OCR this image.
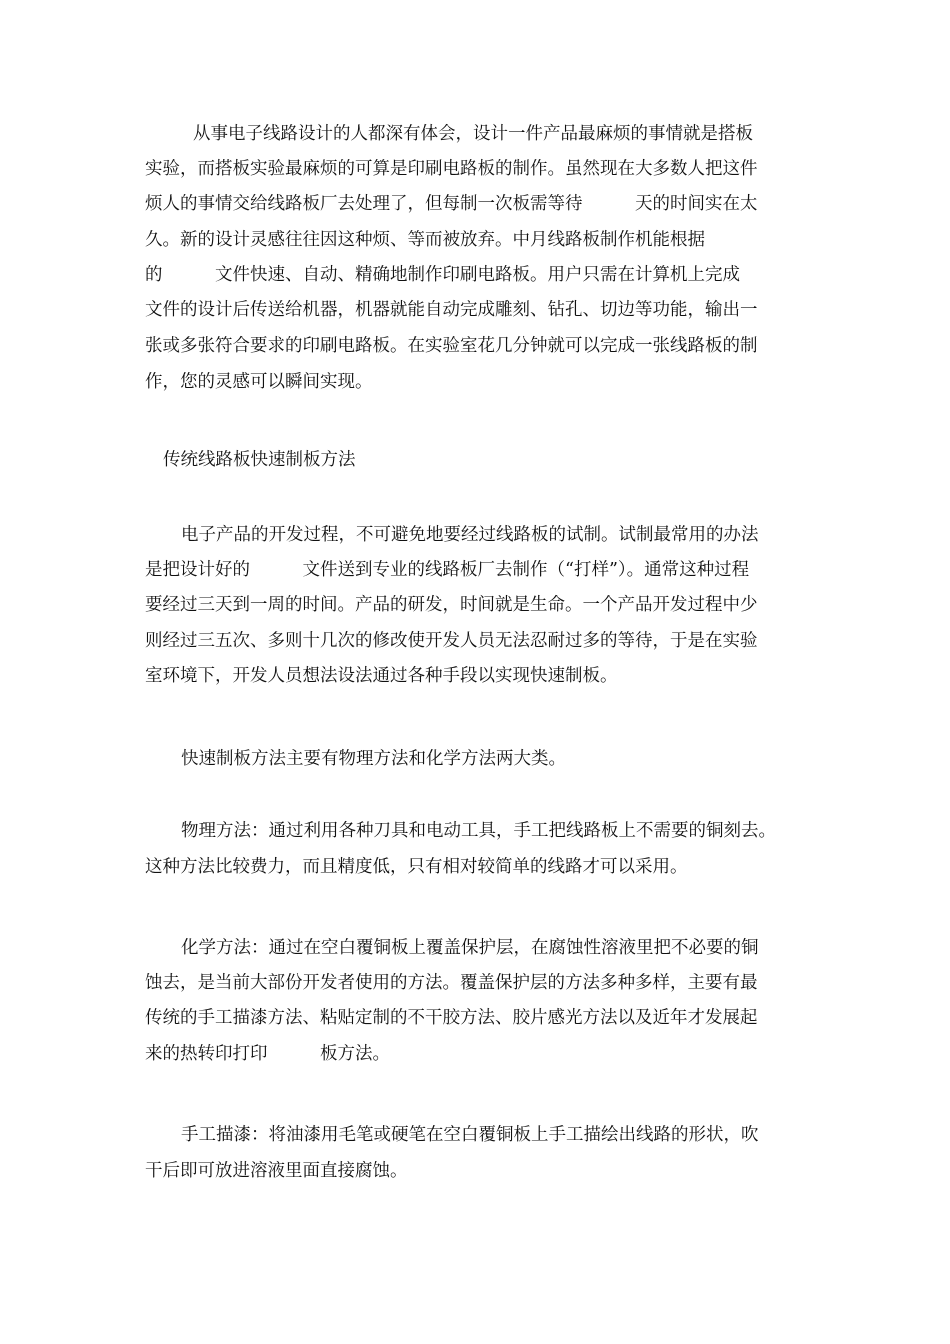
从事电子线路设计的人都深有体会，设计一件产品最麻烦的事情就是搭板
实验，而搭板实验最麻烦的可算是印刷电路板的制作。虽然现在大多数人把这件
烦人的事情交给线路板厂去处理了，但每制一次板需等待　　　天的时间实在太
久。新的设计灵感往往因这种烦、等而被放弃。中月线路板制作机能根据
的　　　文件快速、自动、精确地制作印刷电路板。用户只需在计算机上完成
文件的设计后传送给机器，机器就能自动完成雕刻、钻孔、切边等功能，输出一
张或多张符合要求的印刷电路板。在实验室花几分钟就可以完成一张线路板的制
作，您的灵感可以瞬间实现。
传统线路板快速制板方法
电子产品的开发过程，不可避免地要经过线路板的试制。试制最常用的办法
是把设计好的　　　文件送到专业的线路板厂去制作（“打样”）。通常这种过程
要经过三天到一周的时间。产品的研发，时间就是生命。一个产品开发过程中少
则经过三五次、多则十几次的修改使开发人员无法忍耐过多的等待，于是在实验
室环境下，开发人员想法设法通过各种手段以实现快速制板。
快速制板方法主要有物理方法和化学方法两大类。
物理方法：通过利用各种刀具和电动工具，手工把线路板上不需要的铜刻去。
这种方法比较费力，而且精度低，只有相对较简单的线路才可以采用。
化学方法：通过在空白覆铜板上覆盖保护层，在腐蚀性溶液里把不必要的铜
蚀去，是当前大部份开发者使用的方法。覆盖保护层的方法多种多样，主要有最
传统的手工描漆方法、粘贴定制的不干胶方法、胶片感光方法以及近年才发展起
来的热转印打印　　　板方法。
手工描漆：将油漆用毛笔或硬笔在空白覆铜板上手工描绘出线路的形状，吹
干后即可放进溶液里面直接腐蚀。
